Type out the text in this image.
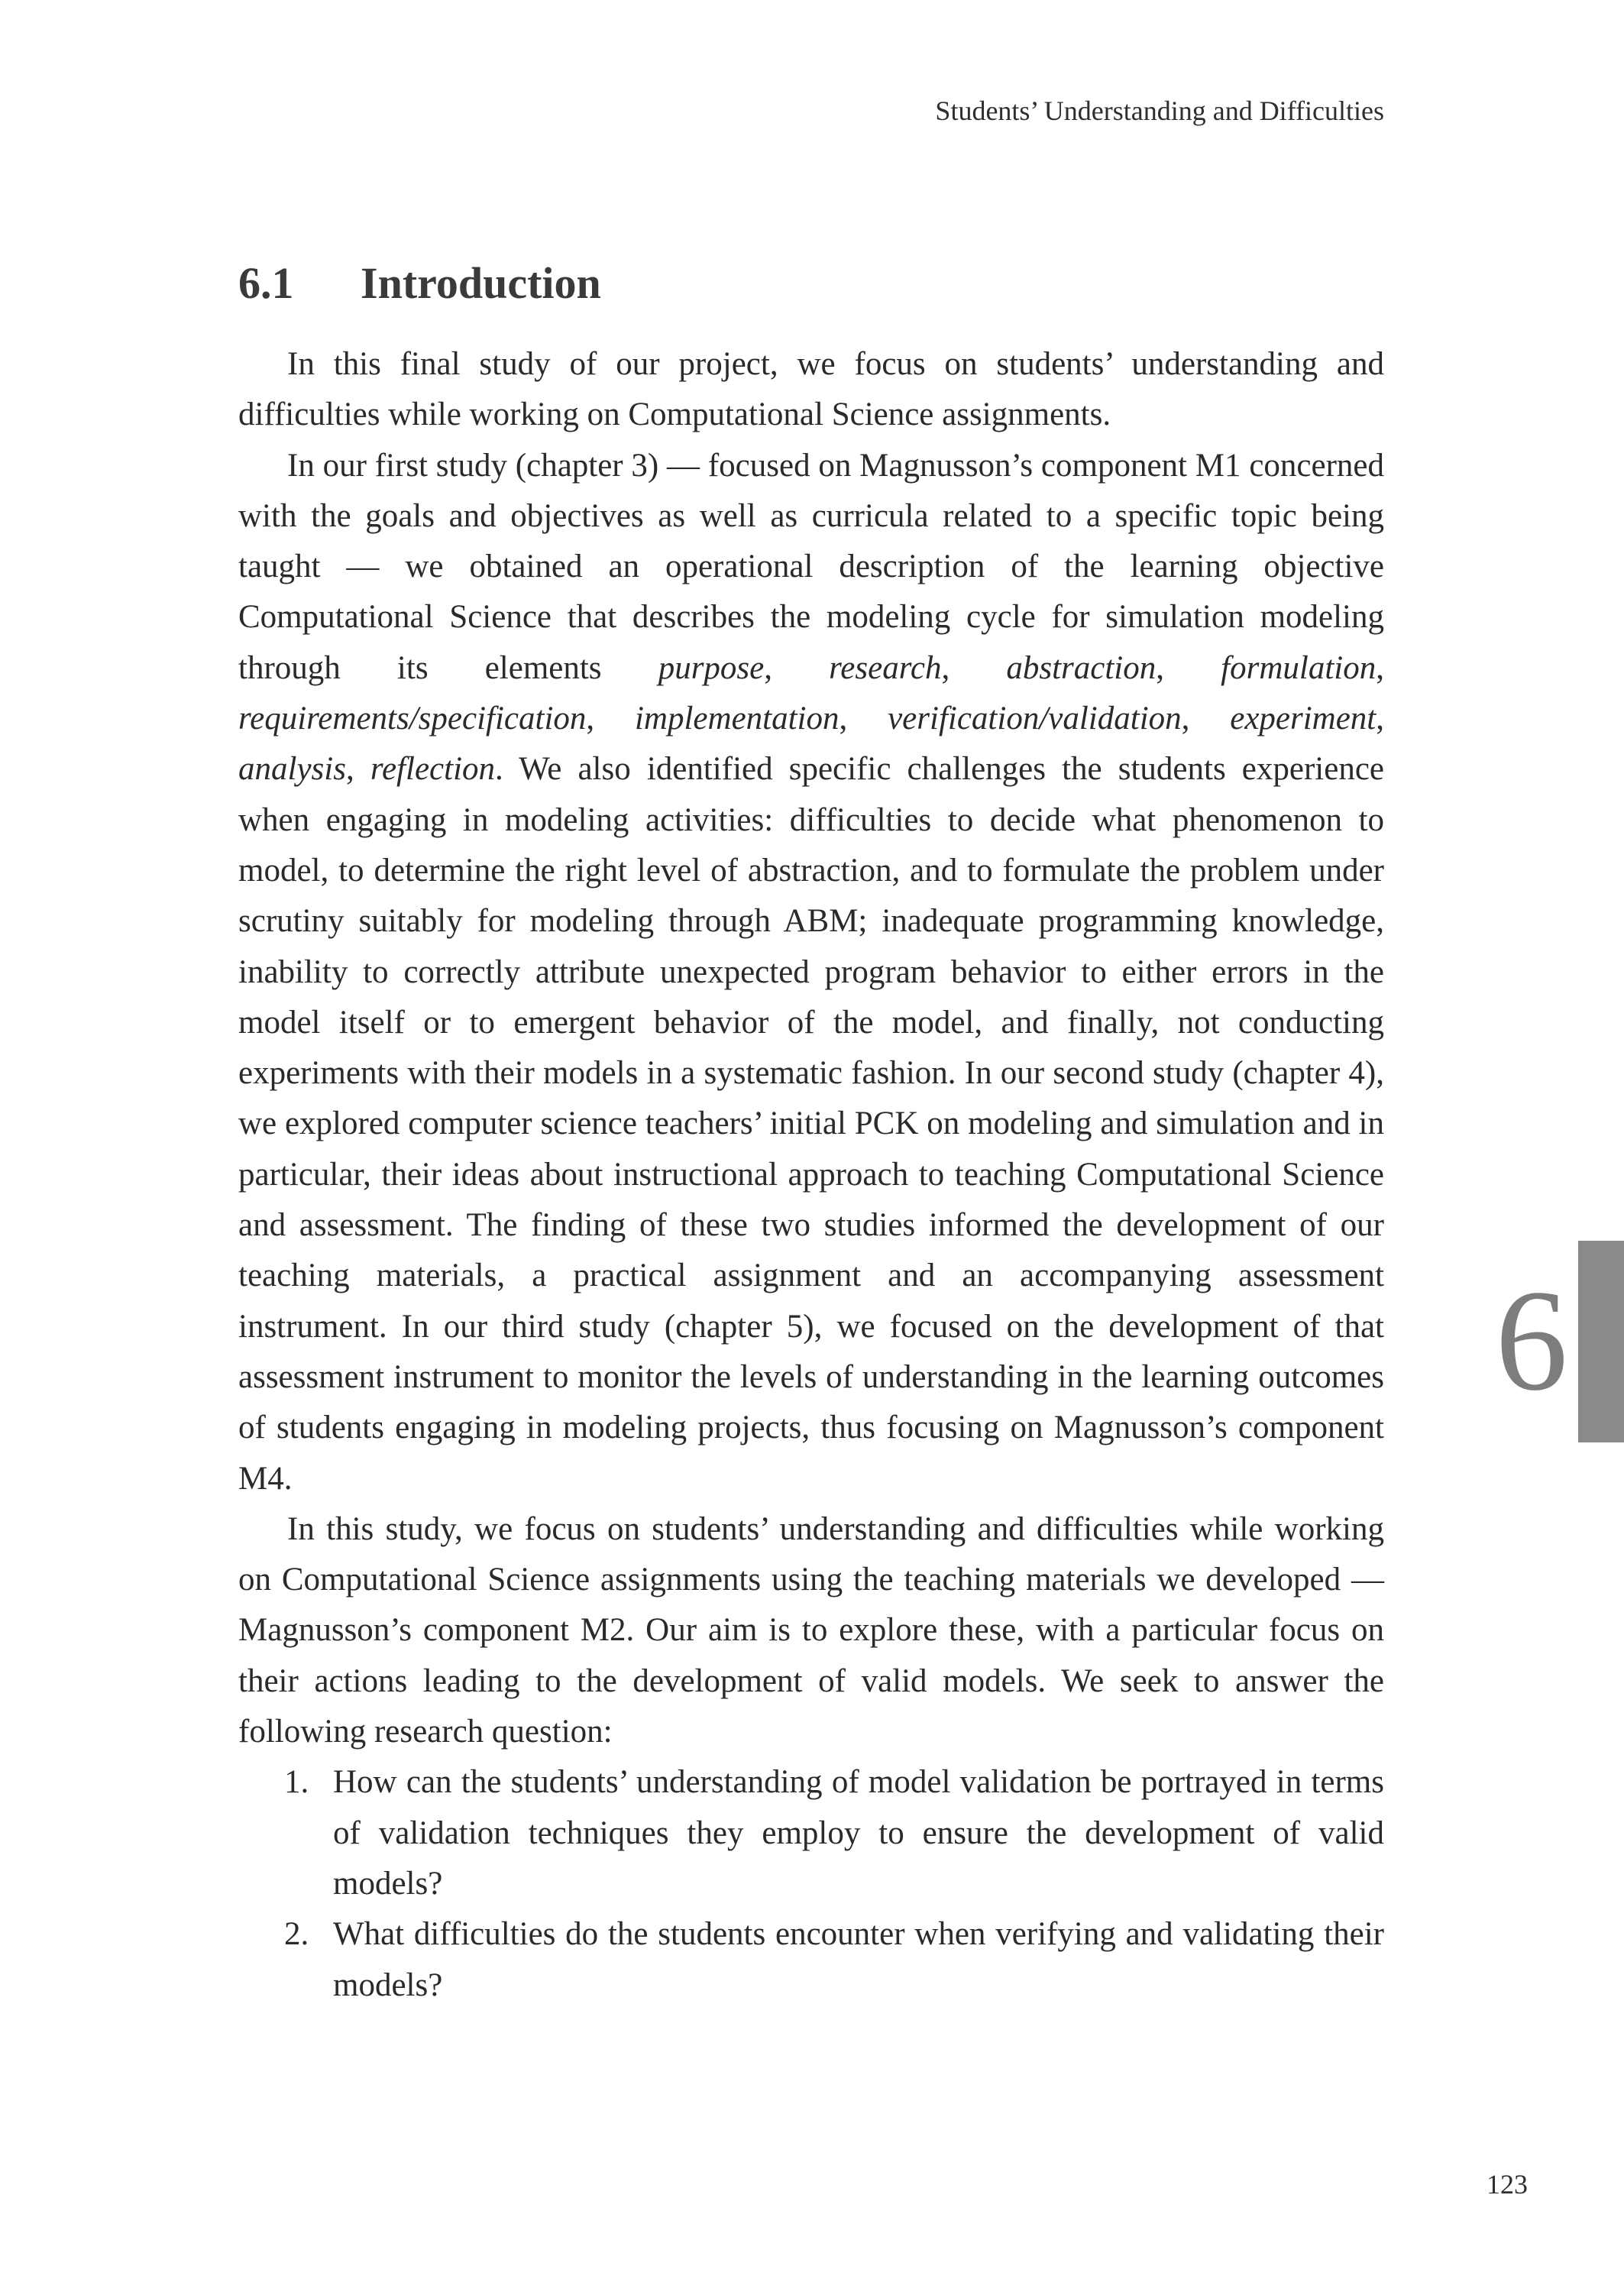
Students’ Understanding and Difficulties
6.1 Introduction

In this final study of our project, we focus on students’ understanding and difficulties while working on Computational Science assignments.

In our first study (chapter 3) — focused on Magnusson’s component M1 concerned with the goals and objectives as well as curricula related to a specific topic being taught — we obtained an operational description of the learning objective Computational Science that describes the modeling cycle for simulation modeling through its elements purpose, research, abstraction, formulation, requirements/specification, implementation, verification/validation, experiment, analysis, reflection. We also identified specific challenges the students experience when engaging in modeling activities: difficulties to decide what phenomenon to model, to determine the right level of abstraction, and to formulate the problem under scrutiny suitably for modeling through ABM; inadequate programming knowledge, inability to correctly attribute unexpected program behavior to either errors in the model itself or to emergent behavior of the model, and finally, not conducting experiments with their models in a systematic fashion. In our second study (chapter 4), we explored computer science teachers’ initial PCK on modeling and simulation and in particular, their ideas about instructional approach to teaching Computational Science and assessment. The finding of these two studies informed the development of our teaching materials, a practical assignment and an accompanying assessment instrument. In our third study (chapter 5), we focused on the development of that assessment instrument to monitor the levels of understanding in the learning outcomes of students engaging in modeling projects, thus focusing on Magnusson’s component M4.

In this study, we focus on students’ understanding and difficulties while working on Computational Science assignments using the teaching materials we developed — Magnusson’s component M2. Our aim is to explore these, with a particular focus on their actions leading to the development of valid models. We seek to answer the following research question:

1. How can the students’ understanding of model validation be portrayed in terms of validation techniques they employ to ensure the development of valid models?
2. What difficulties do the students encounter when verifying and validating their models?
6
123
